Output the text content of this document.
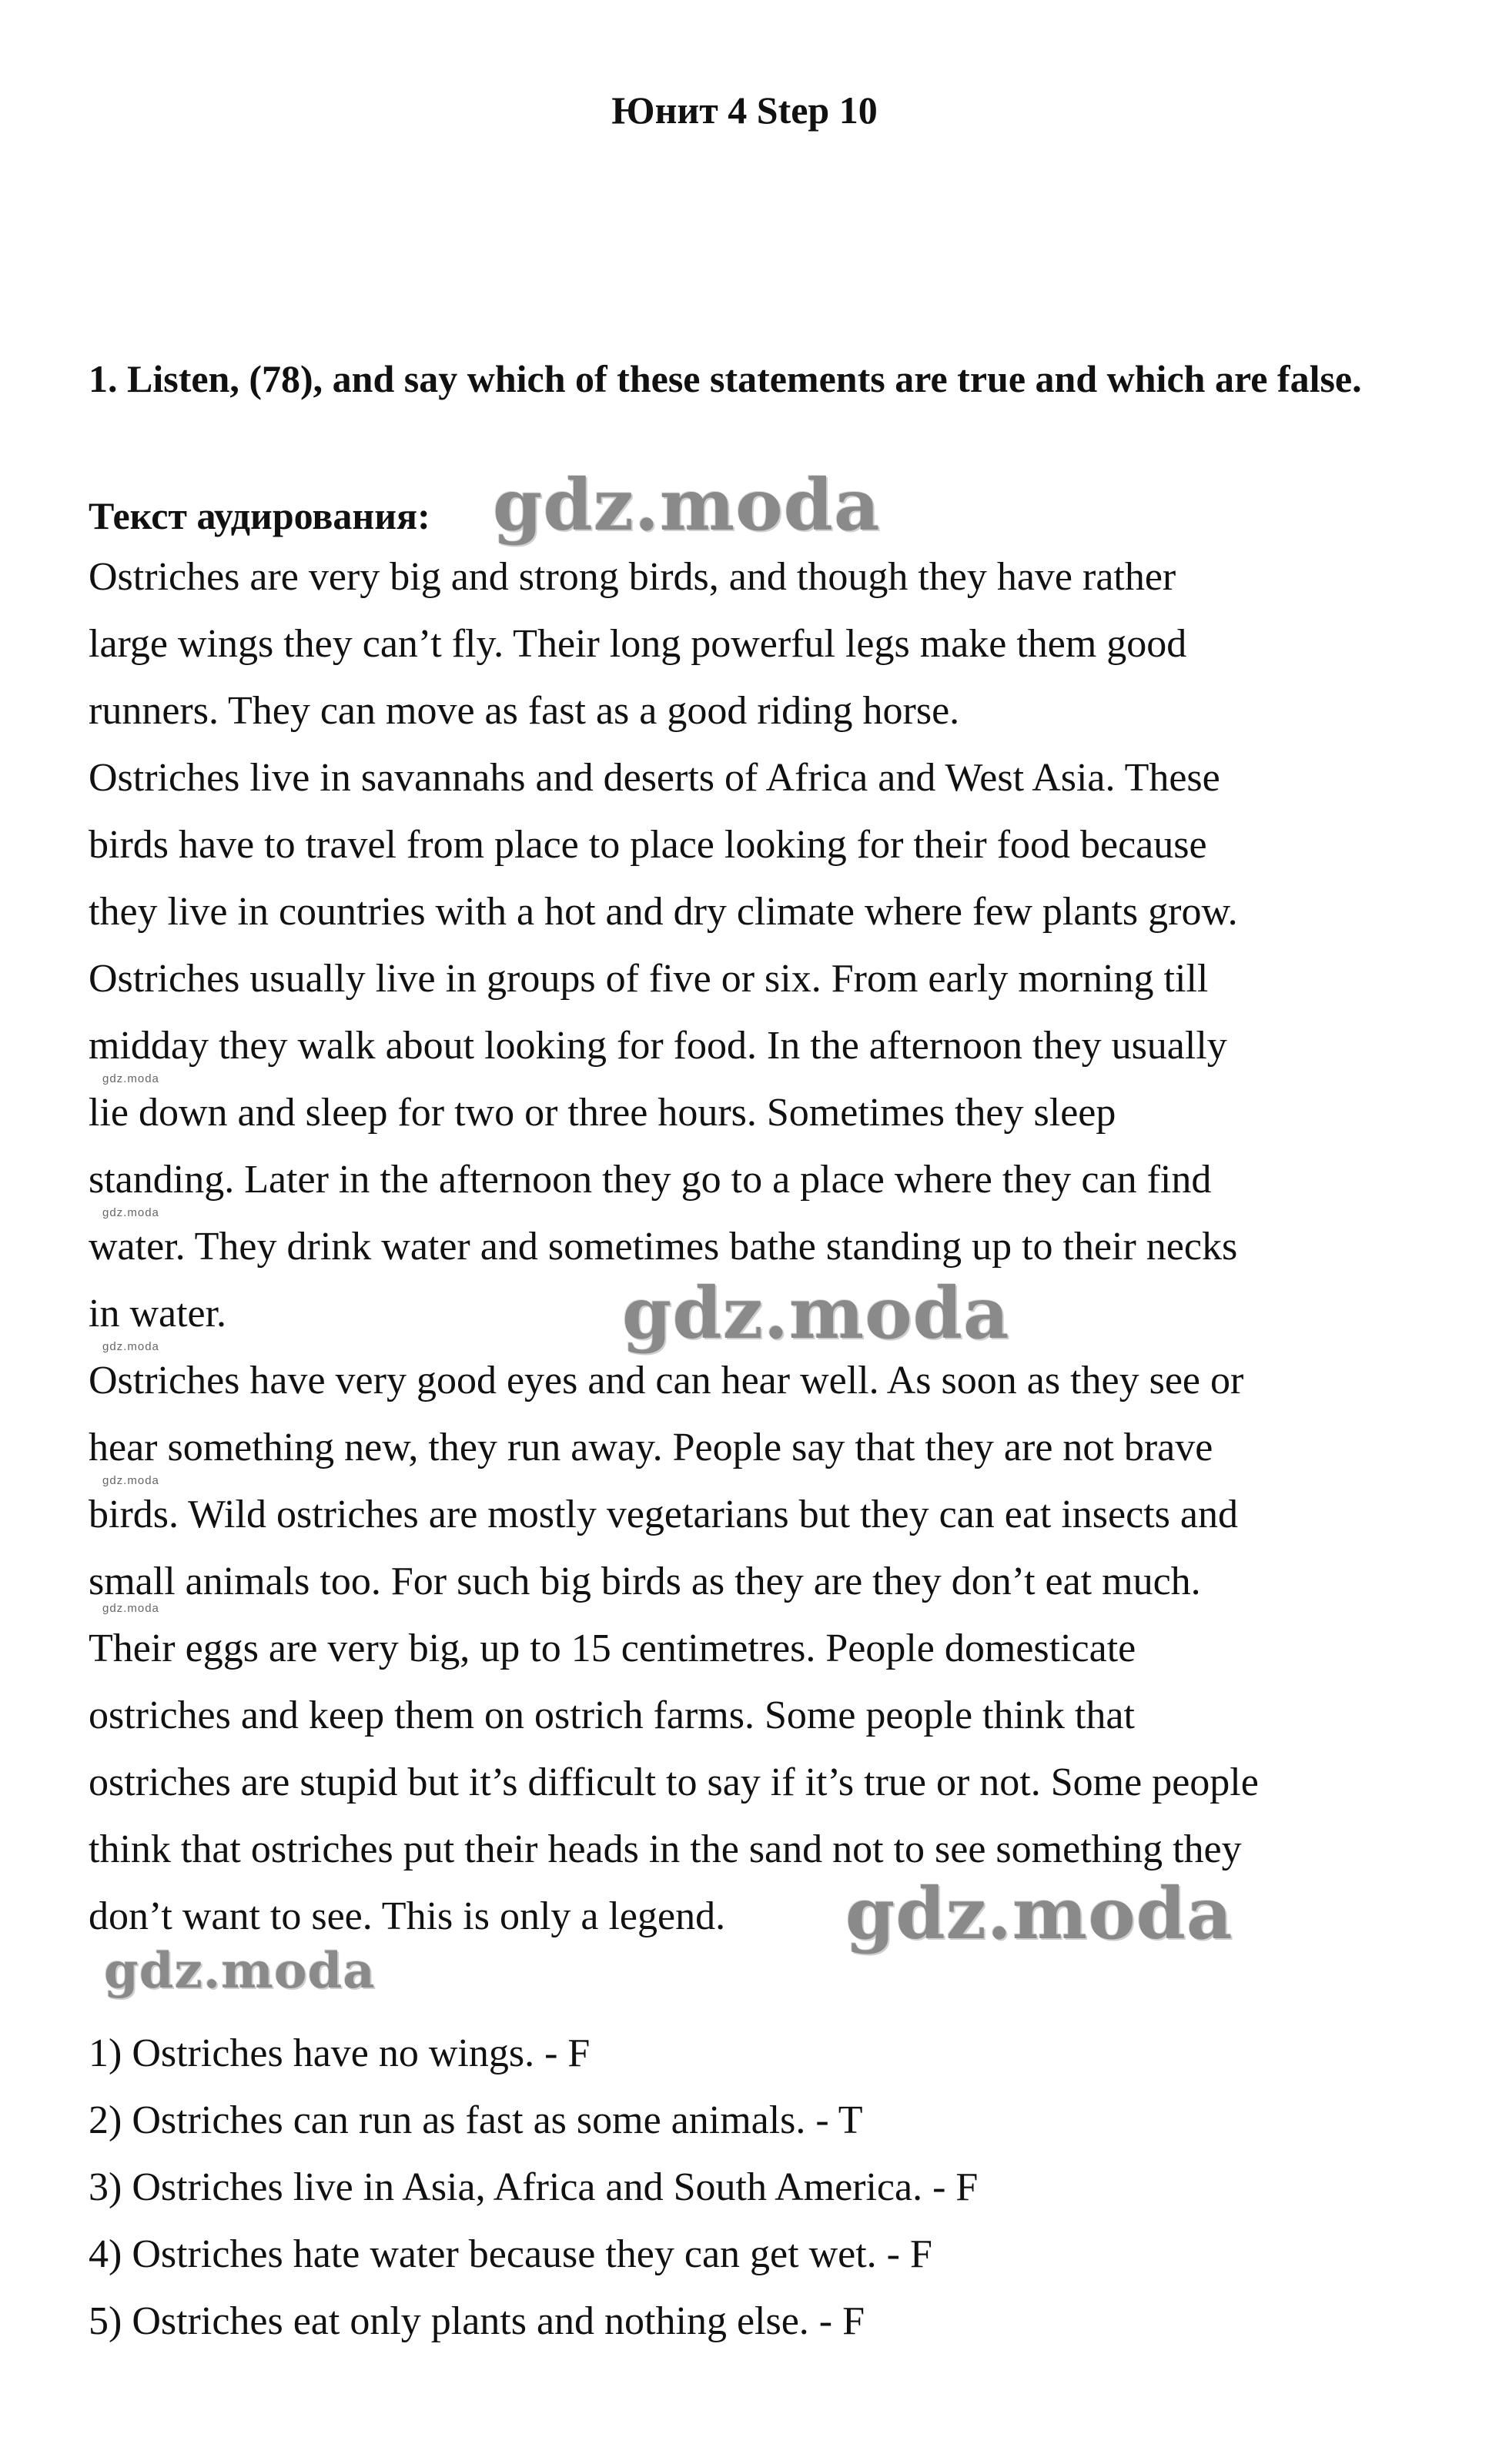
Юнит 4 Step 10
1. Listen, (78), and say which of these statements are true and which are false.
Текст аудирования:
Ostriches are very big and strong birds, and though they have rather
large wings they can’t fly. Their long powerful legs make them good
runners. They can move as fast as a good riding horse.
Ostriches live in savannahs and deserts of Africa and West Asia. These
birds have to travel from place to place looking for their food because
they live in countries with a hot and dry climate where few plants grow.
Ostriches usually live in groups of five or six. From early morning till
midday they walk about looking for food. In the afternoon they usually
lie down and sleep for two or three hours. Sometimes they sleep
standing. Later in the afternoon they go to a place where they can find
water. They drink water and sometimes bathe standing up to their necks
in water.
Ostriches have very good eyes and can hear well. As soon as they see or
hear something new, they run away. People say that they are not brave
birds. Wild ostriches are mostly vegetarians but they can eat insects and
small animals too. For such big birds as they are they don’t eat much.
Their eggs are very big, up to 15 centimetres. People domesticate
ostriches and keep them on ostrich farms. Some people think that
ostriches are stupid but it’s difficult to say if it’s true or not. Some people
think that ostriches put their heads in the sand not to see something they
don’t want to see. This is only a legend.
1) Ostriches have no wings. - F
2) Ostriches can run as fast as some animals. - T
3) Ostriches live in Asia, Africa and South America. - F
4) Ostriches hate water because they can get wet. - F
5) Ostriches eat only plants and nothing else. - F
gdz.moda
gdz.moda
gdz.moda
gdz.moda
gdz.moda
gdz.moda
gdz.moda
gdz.moda
gdz.moda
